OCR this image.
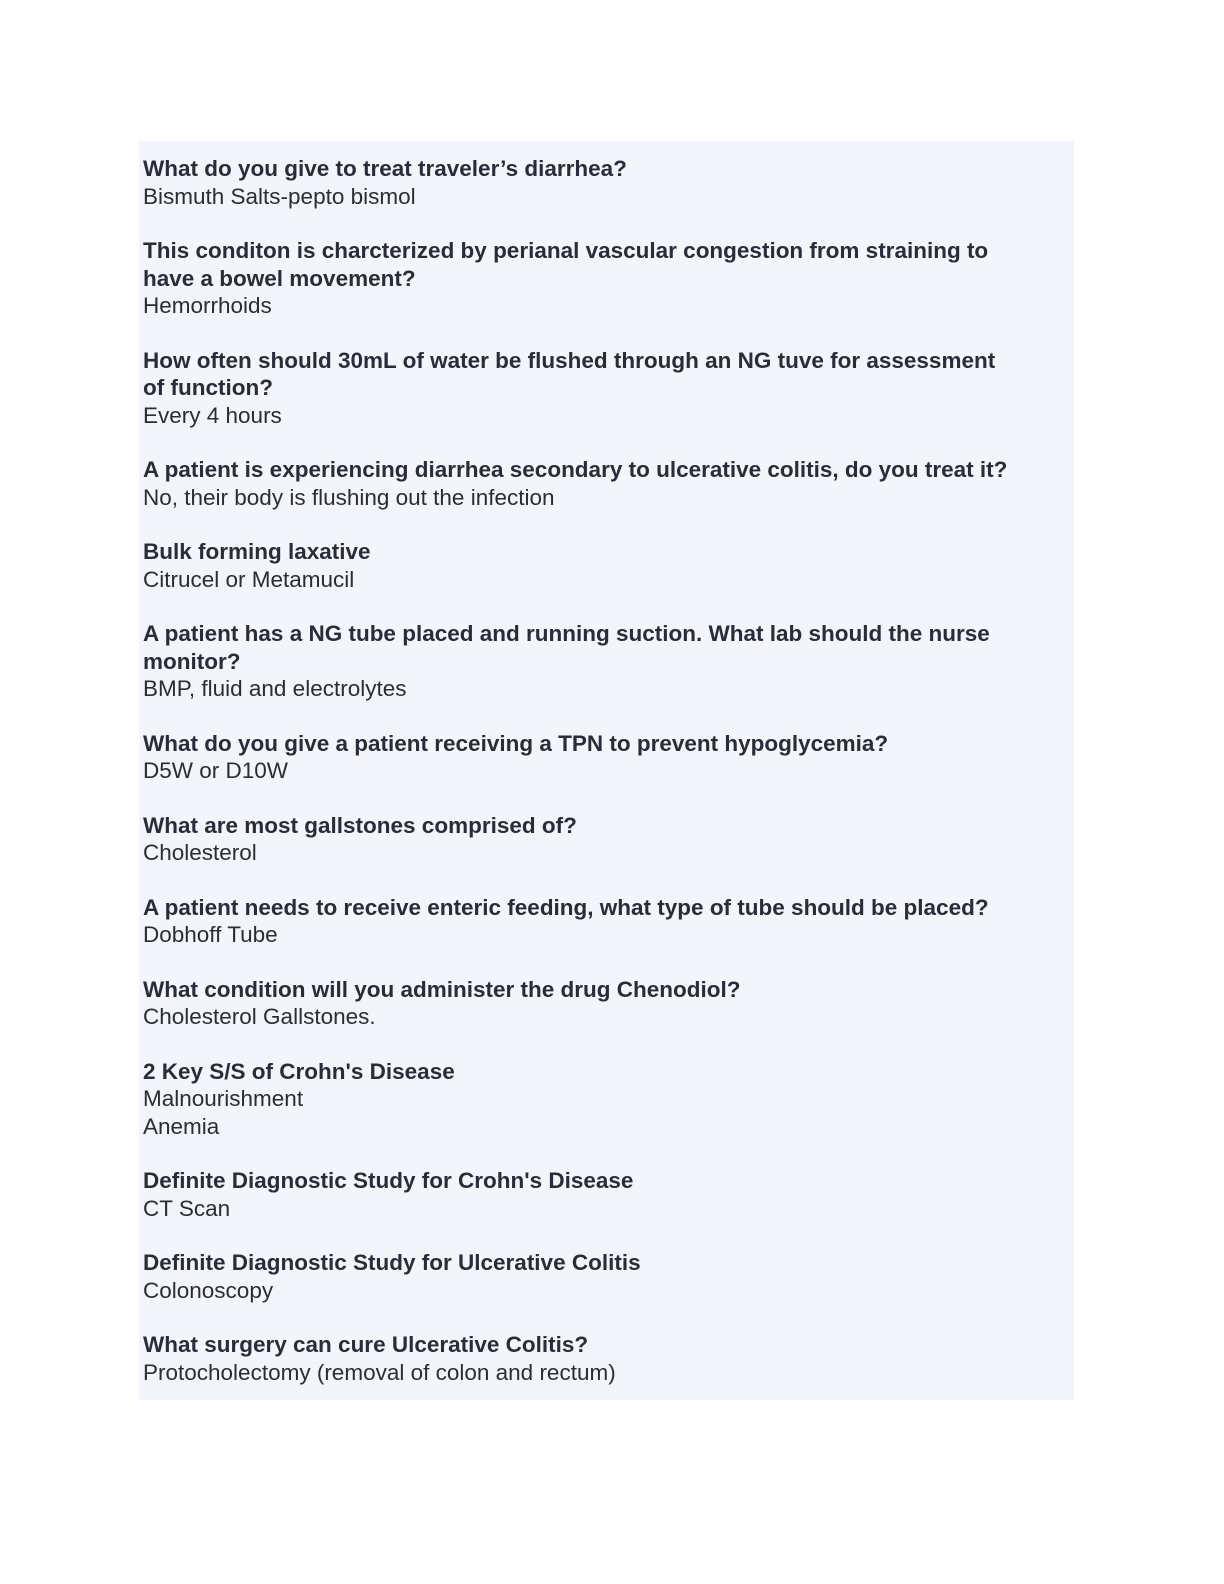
What do you give to treat traveler’s diarrhea?
Bismuth Salts-pepto bismol
This conditon is charcterized by perianal vascular congestion from straining to
have a bowel movement?
Hemorrhoids
How often should 30mL of water be flushed through an NG tuve for assessment
of function?
Every 4 hours
A patient is experiencing diarrhea secondary to ulcerative colitis, do you treat it?
No, their body is flushing out the infection
Bulk forming laxative
Citrucel or Metamucil
A patient has a NG tube placed and running suction. What lab should the nurse
monitor?
BMP, fluid and electrolytes
What do you give a patient receiving a TPN to prevent hypoglycemia?
D5W or D10W
What are most gallstones comprised of?
Cholesterol
A patient needs to receive enteric feeding, what type of tube should be placed?
Dobhoff Tube
What condition will you administer the drug Chenodiol?
Cholesterol Gallstones.
2 Key S/S of Crohn's Disease
Malnourishment
Anemia
Definite Diagnostic Study for Crohn's Disease
CT Scan
Definite Diagnostic Study for Ulcerative Colitis
Colonoscopy
What surgery can cure Ulcerative Colitis?
Protocholectomy (removal of colon and rectum)
